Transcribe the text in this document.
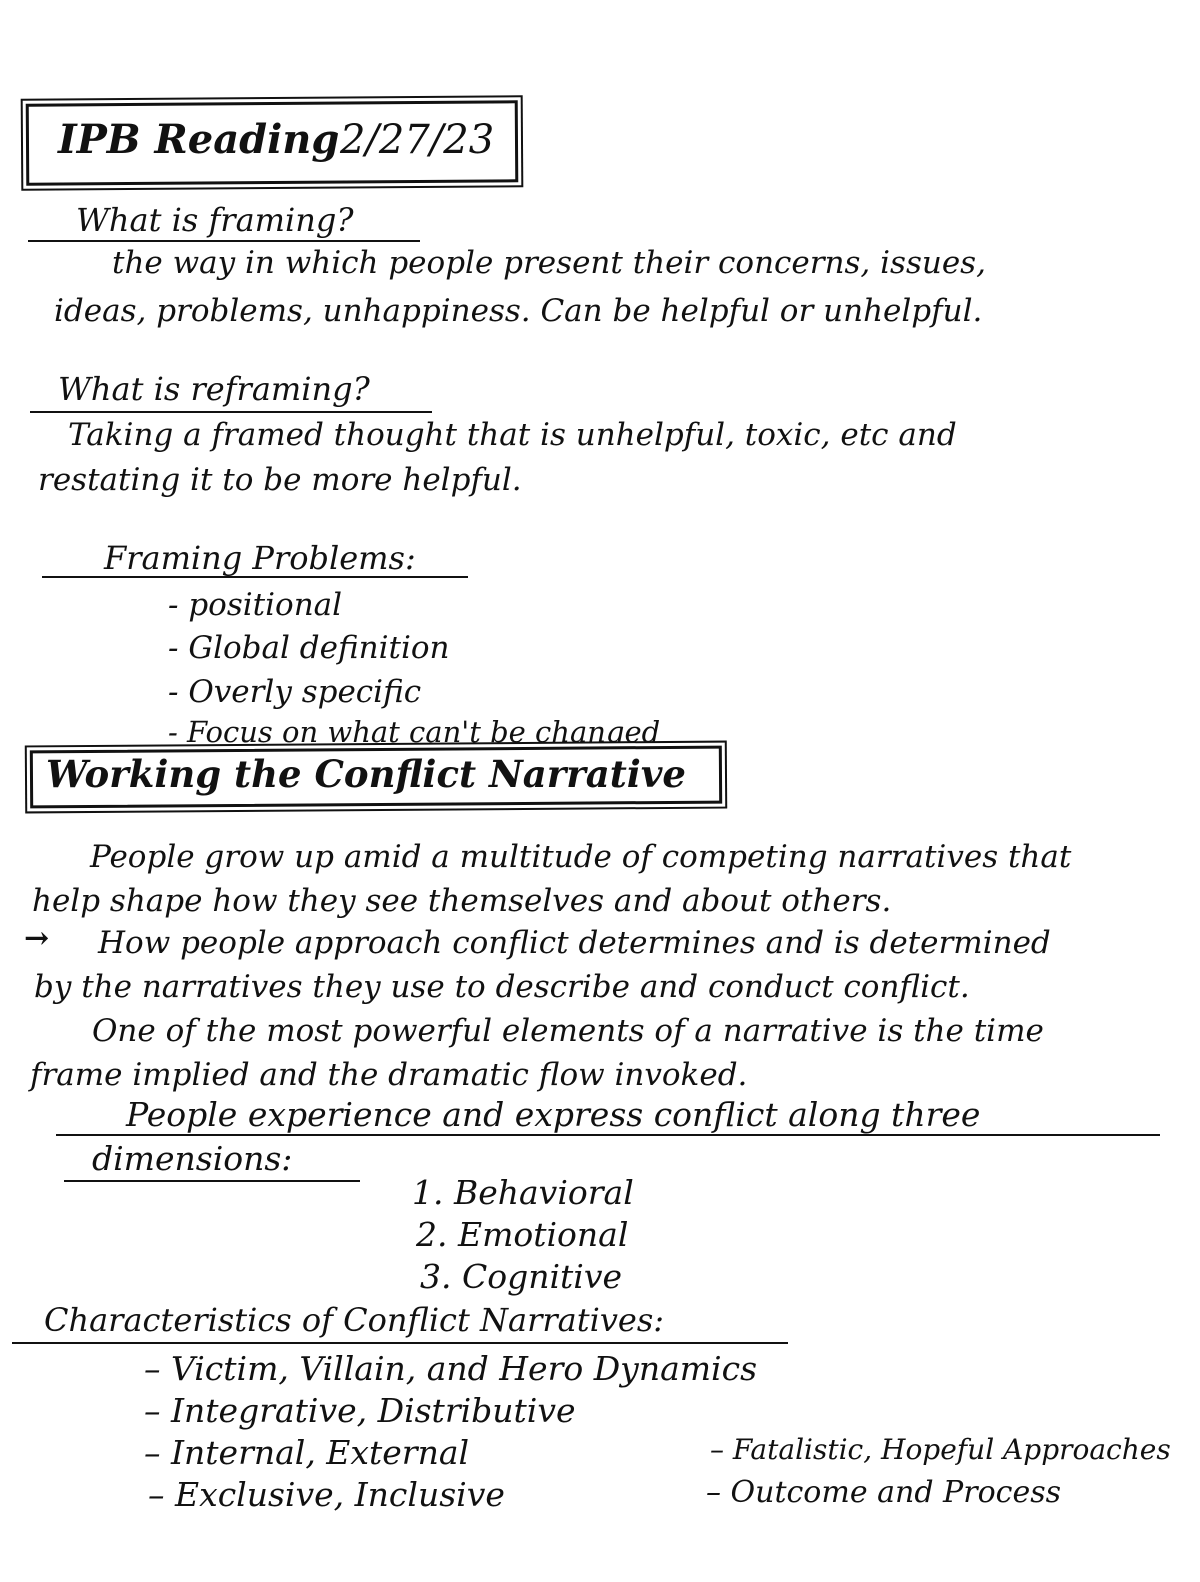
IPB Reading 2/27/23
What is framing?
the way in which people present their concerns, issues,
ideas, problems, unhappiness. Can be helpful or unhelpful.
What is reframing?
Taking a framed thought that is unhelpful, toxic, etc and
restating it to be more helpful.
Framing Problems:
- positional
- Global definition
- Overly specific
- Focus on what can't be changed
Working the Conflict Narrative
People grow up amid a multitude of competing narratives that
help shape how they see themselves and about others.
→ How people approach conflict determines and is determined
by the narratives they use to describe and conduct conflict.
One of the most powerful elements of a narrative is the time
frame implied and the dramatic flow invoked.
People experience and express conflict along three
dimensions:
1. Behavioral
2. Emotional
3. Cognitive
Characteristics of Conflict Narratives:
– Victim, Villain, and Hero Dynamics
– Integrative, Distributive
– Internal, External
– Exclusive, Inclusive
– Fatalistic, Hopeful Approaches
– Outcome and Process
